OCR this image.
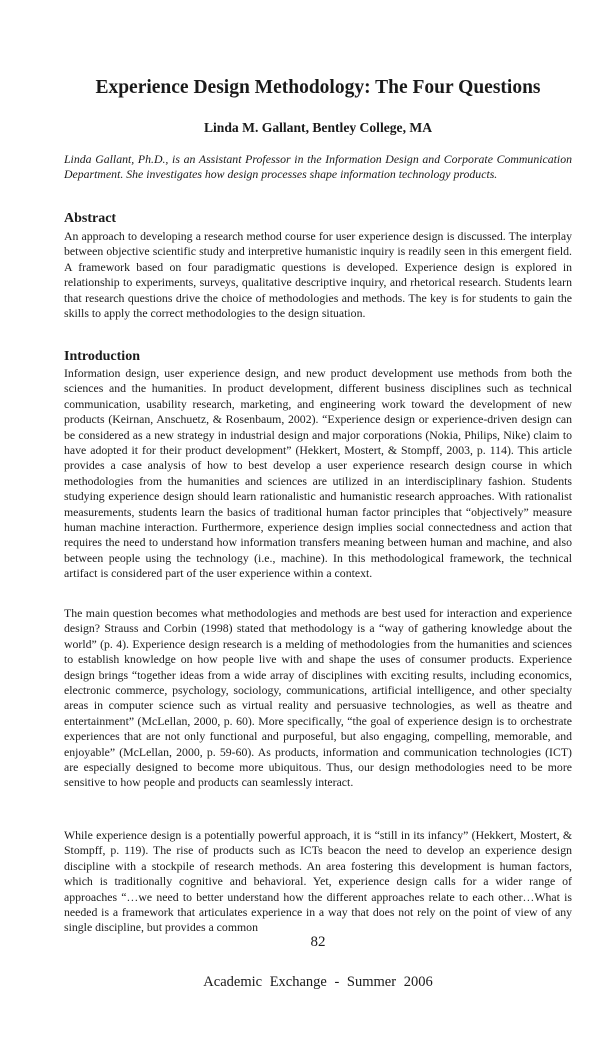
Experience Design Methodology: The Four Questions

Linda M. Gallant, Bentley College, MA

Linda Gallant, Ph.D., is an Assistant Professor in the Information Design and Corporate Communication Department. She investigates how design processes shape information technology products.

Abstract

An approach to developing a research method course for user experience design is discussed. The interplay between objective scientific study and interpretive humanistic inquiry is readily seen in this emergent field. A framework based on four paradigmatic questions is developed. Experience design is explored in relationship to experiments, surveys, qualitative descriptive inquiry, and rhetorical research. Students learn that research questions drive the choice of methodologies and methods. The key is for students to gain the skills to apply the correct methodologies to the design situation.

Introduction

Information design, user experience design, and new product development use methods from both the sciences and the humanities. In product development, different business disciplines such as technical communication, usability research, marketing, and engineering work toward the development of new products (Keirnan, Anschuetz, & Rosenbaum, 2002). “Experience design or experience-driven design can be considered as a new strategy in industrial design and major corporations (Nokia, Philips, Nike) claim to have adopted it for their product development” (Hekkert, Mostert, & Stompff, 2003, p. 114). This article provides a case analysis of how to best develop a user experience research design course in which methodologies from the humanities and sciences are utilized in an interdisciplinary fashion. Students studying experience design should learn rationalistic and humanistic research approaches. With rationalist measurements, students learn the basics of traditional human factor principles that “objectively” measure human machine interaction. Furthermore, experience design implies social connectedness and action that requires the need to understand how information transfers meaning between human and machine, and also between people using the technology (i.e., machine). In this methodological framework, the technical artifact is considered part of the user experience within a context.

The main question becomes what methodologies and methods are best used for interaction and experience design? Strauss and Corbin (1998) stated that methodology is a “way of gathering knowledge about the world” (p. 4). Experience design research is a melding of methodologies from the humanities and sciences to establish knowledge on how people live with and shape the uses of consumer products. Experience design brings “together ideas from a wide array of disciplines with exciting results, including economics, electronic commerce, psychology, sociology, communications, artificial intelligence, and other specialty areas in computer science such as virtual reality and persuasive technologies, as well as theatre and entertainment” (McLellan, 2000, p. 60). More specifically, “the goal of experience design is to orchestrate experiences that are not only functional and purposeful, but also engaging, compelling, memorable, and enjoyable” (McLellan, 2000, p. 59-60). As products, information and communication technologies (ICT) are especially designed to become more ubiquitous. Thus, our design methodologies need to be more sensitive to how people and products can seamlessly interact.

While experience design is a potentially powerful approach, it is “still in its infancy” (Hekkert, Mostert, & Stompff, p. 119). The rise of products such as ICTs beacon the need to develop an experience design discipline with a stockpile of research methods. An area fostering this development is human factors, which is traditionally cognitive and behavioral. Yet, experience design calls for a wider range of approaches “…we need to better understand how the different approaches relate to each other…What is needed is a framework that articulates experience in a way that does not rely on the point of view of any single discipline, but provides a common

82

Academic Exchange - Summer 2006
